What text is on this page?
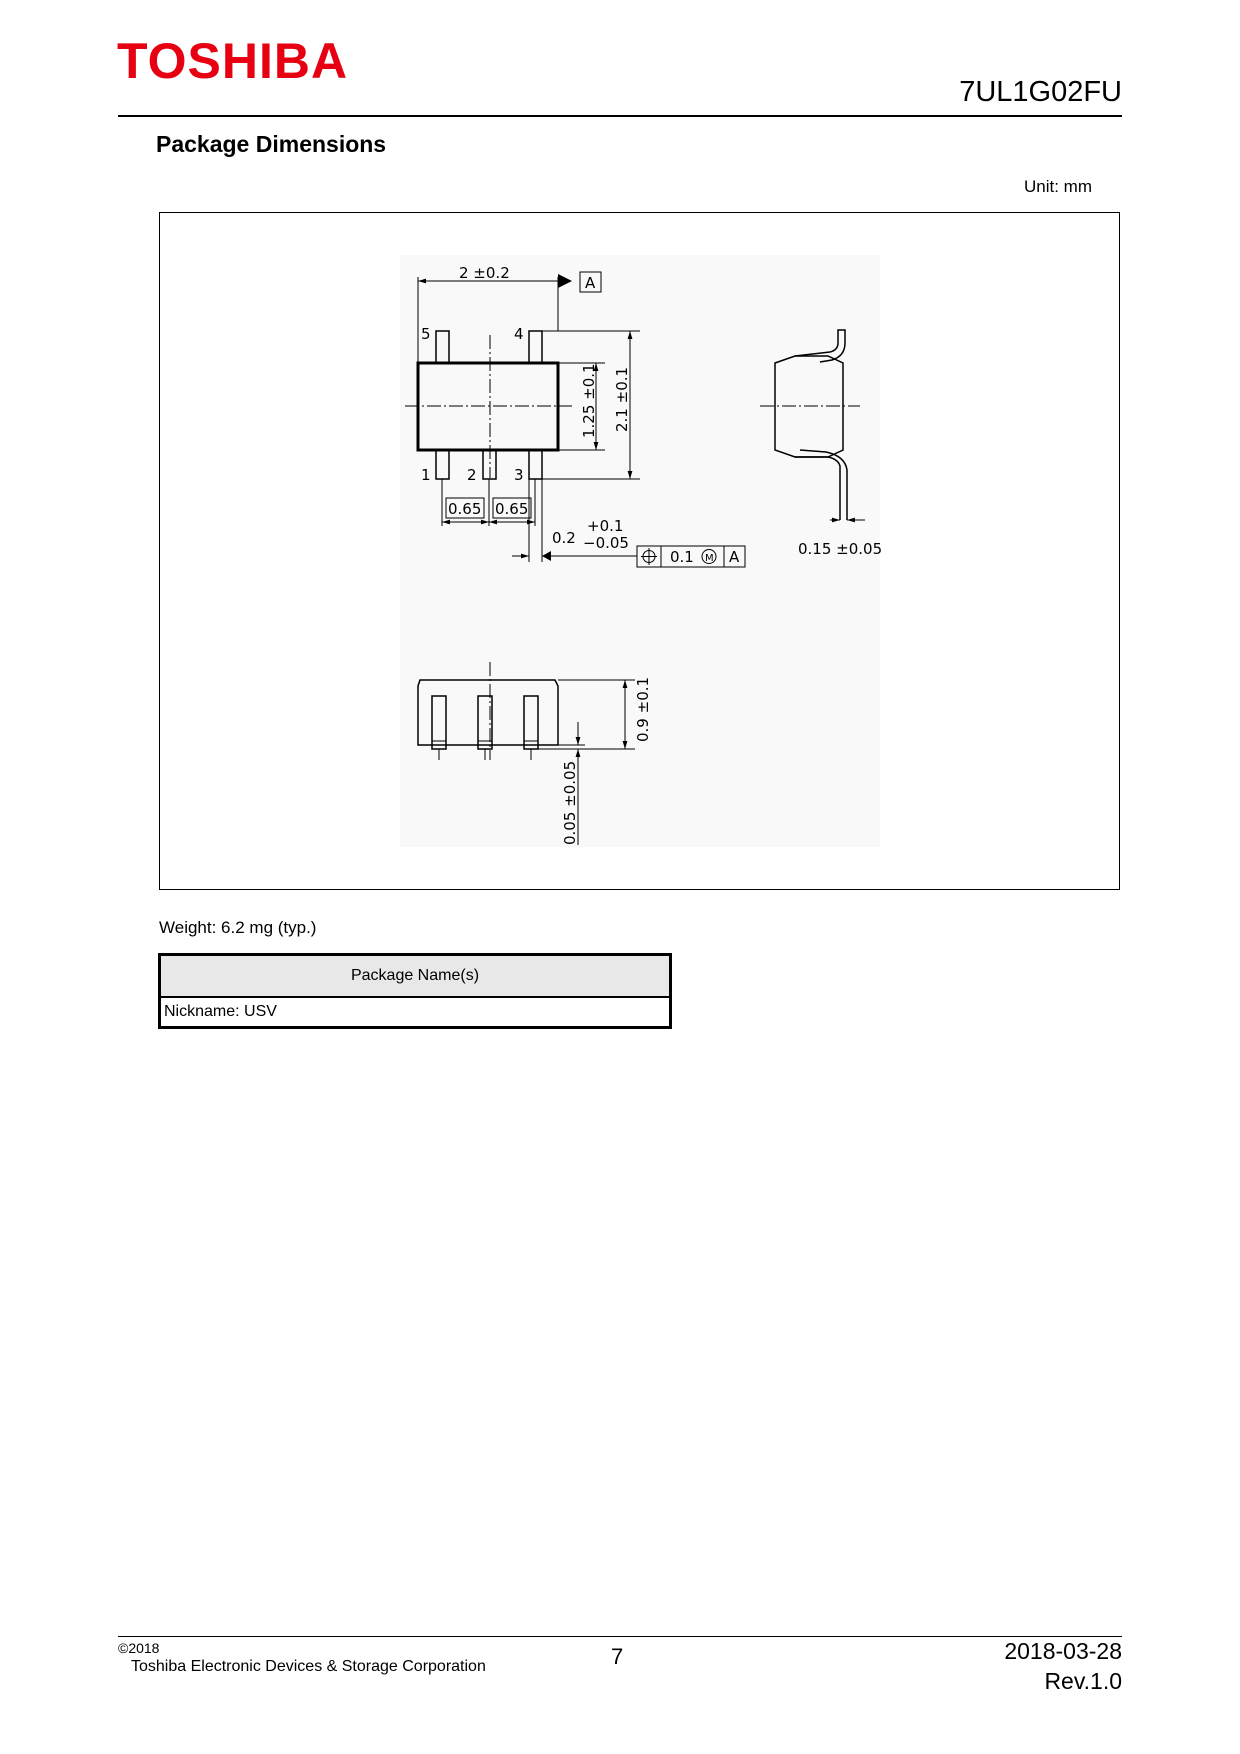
TOSHIBA
7UL1G02FU
Package Dimensions
Unit: mm
2 ±0.2
A
5	4
1 2 3
1.25 ±0.1 2.1 ±0.1
0.65 0.65
0.2
+0.1
−0.05
0.1 M A	0.15 ±0.05
0.9 ±0.1
0.05 ±0.05
Weight: 6.2 mg (typ.)
Package Name(s)
Nickname: USV
©2018
Toshiba Electronic Devices & Storage Corporation	7	2018-03-28
Rev.1.0
